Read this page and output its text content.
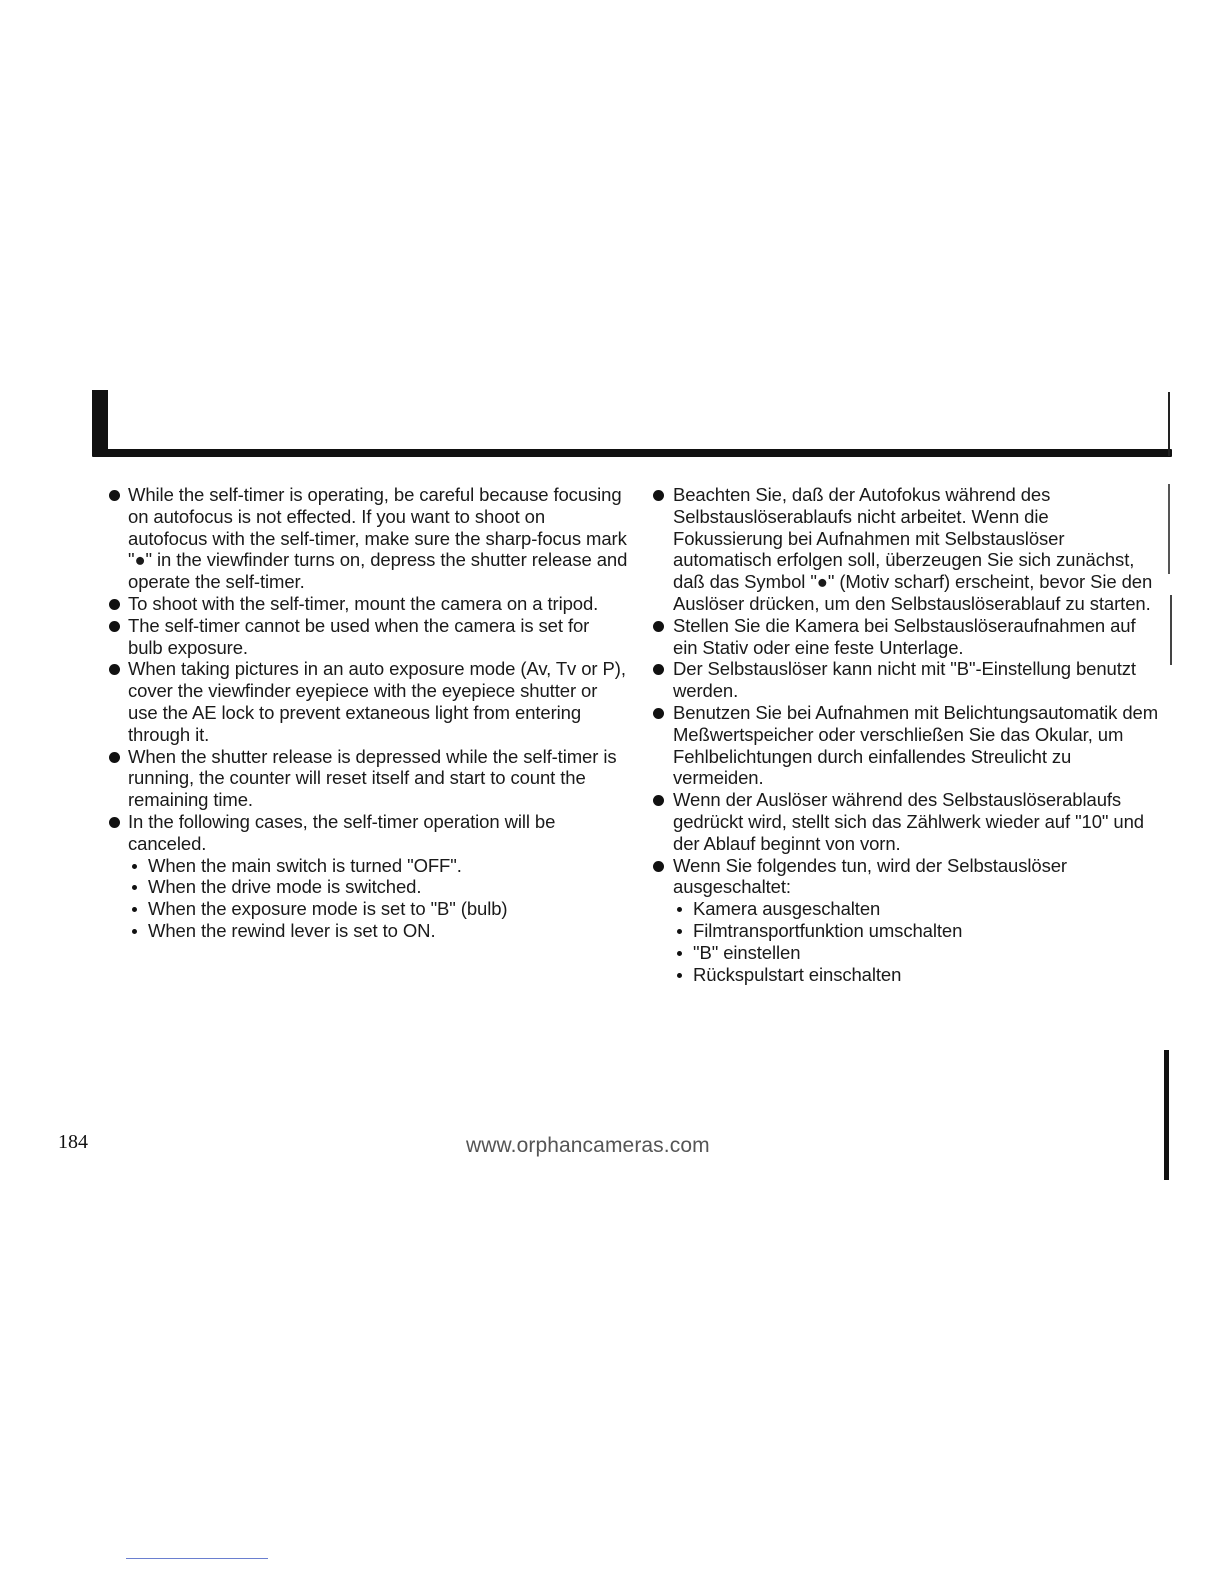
While the self-timer is operating, be careful because focusing on autofocus is not effected. If you want to shoot on autofocus with the self-timer, make sure the sharp-focus mark "●" in the viewfinder turns on, depress the shutter release and operate the self-timer.
To shoot with the self-timer, mount the camera on a tripod.
The self-timer cannot be used when the camera is set for bulb exposure.
When taking pictures in an auto exposure mode (Av, Tv or P), cover the viewfinder eyepiece with the eyepiece shutter or use the AE lock to prevent extaneous light from entering through it.
When the shutter release is depressed while the self-timer is running, the counter will reset itself and start to count the remaining time.
In the following cases, the self-timer operation will be canceled.
When the main switch is turned "OFF".
When the drive mode is switched.
When the exposure mode is set to "B" (bulb)
When the rewind lever is set to ON.
Beachten Sie, daß der Autofokus während des Selbstauslöserablaufs nicht arbeitet. Wenn die Fokussierung bei Aufnahmen mit Selbstauslöser automatisch erfolgen soll, überzeugen Sie sich zunächst, daß das Symbol "●" (Motiv scharf) erscheint, bevor Sie den Auslöser drücken, um den Selbstauslöserablauf zu starten.
Stellen Sie die Kamera bei Selbstauslöseraufnahmen auf ein Stativ oder eine feste Unterlage.
Der Selbstauslöser kann nicht mit "B"-Einstellung benutzt werden.
Benutzen Sie bei Aufnahmen mit Belichtungsautomatik dem Meßwertspeicher oder verschließen Sie das Okular, um Fehlbelichtungen durch einfallendes Streulicht zu vermeiden.
Wenn der Auslöser während des Selbstauslöserablaufs gedrückt wird, stellt sich das Zählwerk wieder auf "10" und der Ablauf beginnt von vorn.
Wenn Sie folgendes tun, wird der Selbstauslöser ausgeschaltet:
Kamera ausgeschalten
Filmtransportfunktion umschalten
"B" einstellen
Rückspulstart einschalten
184	www.orphancameras.com
